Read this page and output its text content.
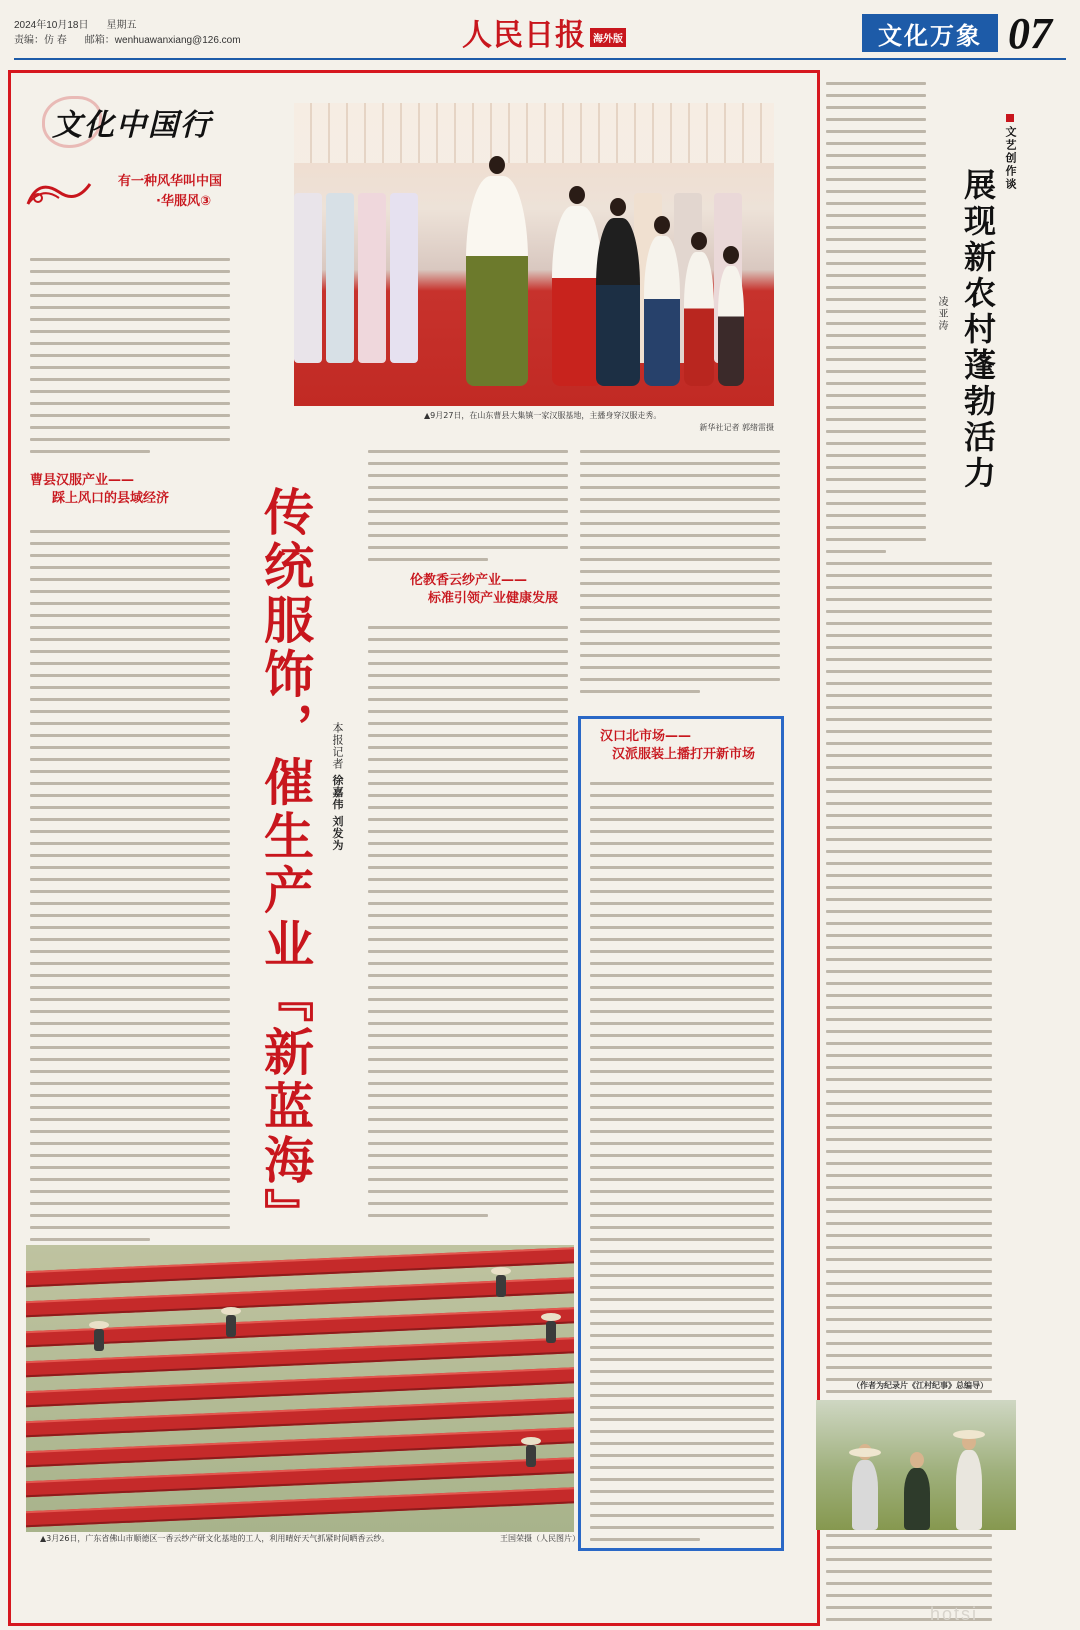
2024年10月18日 星期五
责编：仿 春 邮箱：wenhuawanxiang@126.com	人民日报 海外版	文化万象 07
文化中国行
有一种风华叫中国
·华服风③
▲9月27日，在山东曹县大集镇一家汉服基地，主播身穿汉服走秀。
新华社记者 郭绪雷摄
曹县汉服产业——
踩上风口的县域经济 传统服饰，催生产业『新蓝海』 本报记者 徐嘉伟 刘发为
伦教香云纱产业——
标准引领产业健康发展
汉口北市场——
汉派服装上播打开新市场
▲3月26日，广东省佛山市顺德区一香云纱产研文化基地的工人，利用晴好天气抓紧时间晒香云纱。	王国荣摄（人民图片）
文艺创作谈
展现新农村蓬勃活力
凌亚涛
（作者为纪录片《江村纪事》总编导）
hotsi
